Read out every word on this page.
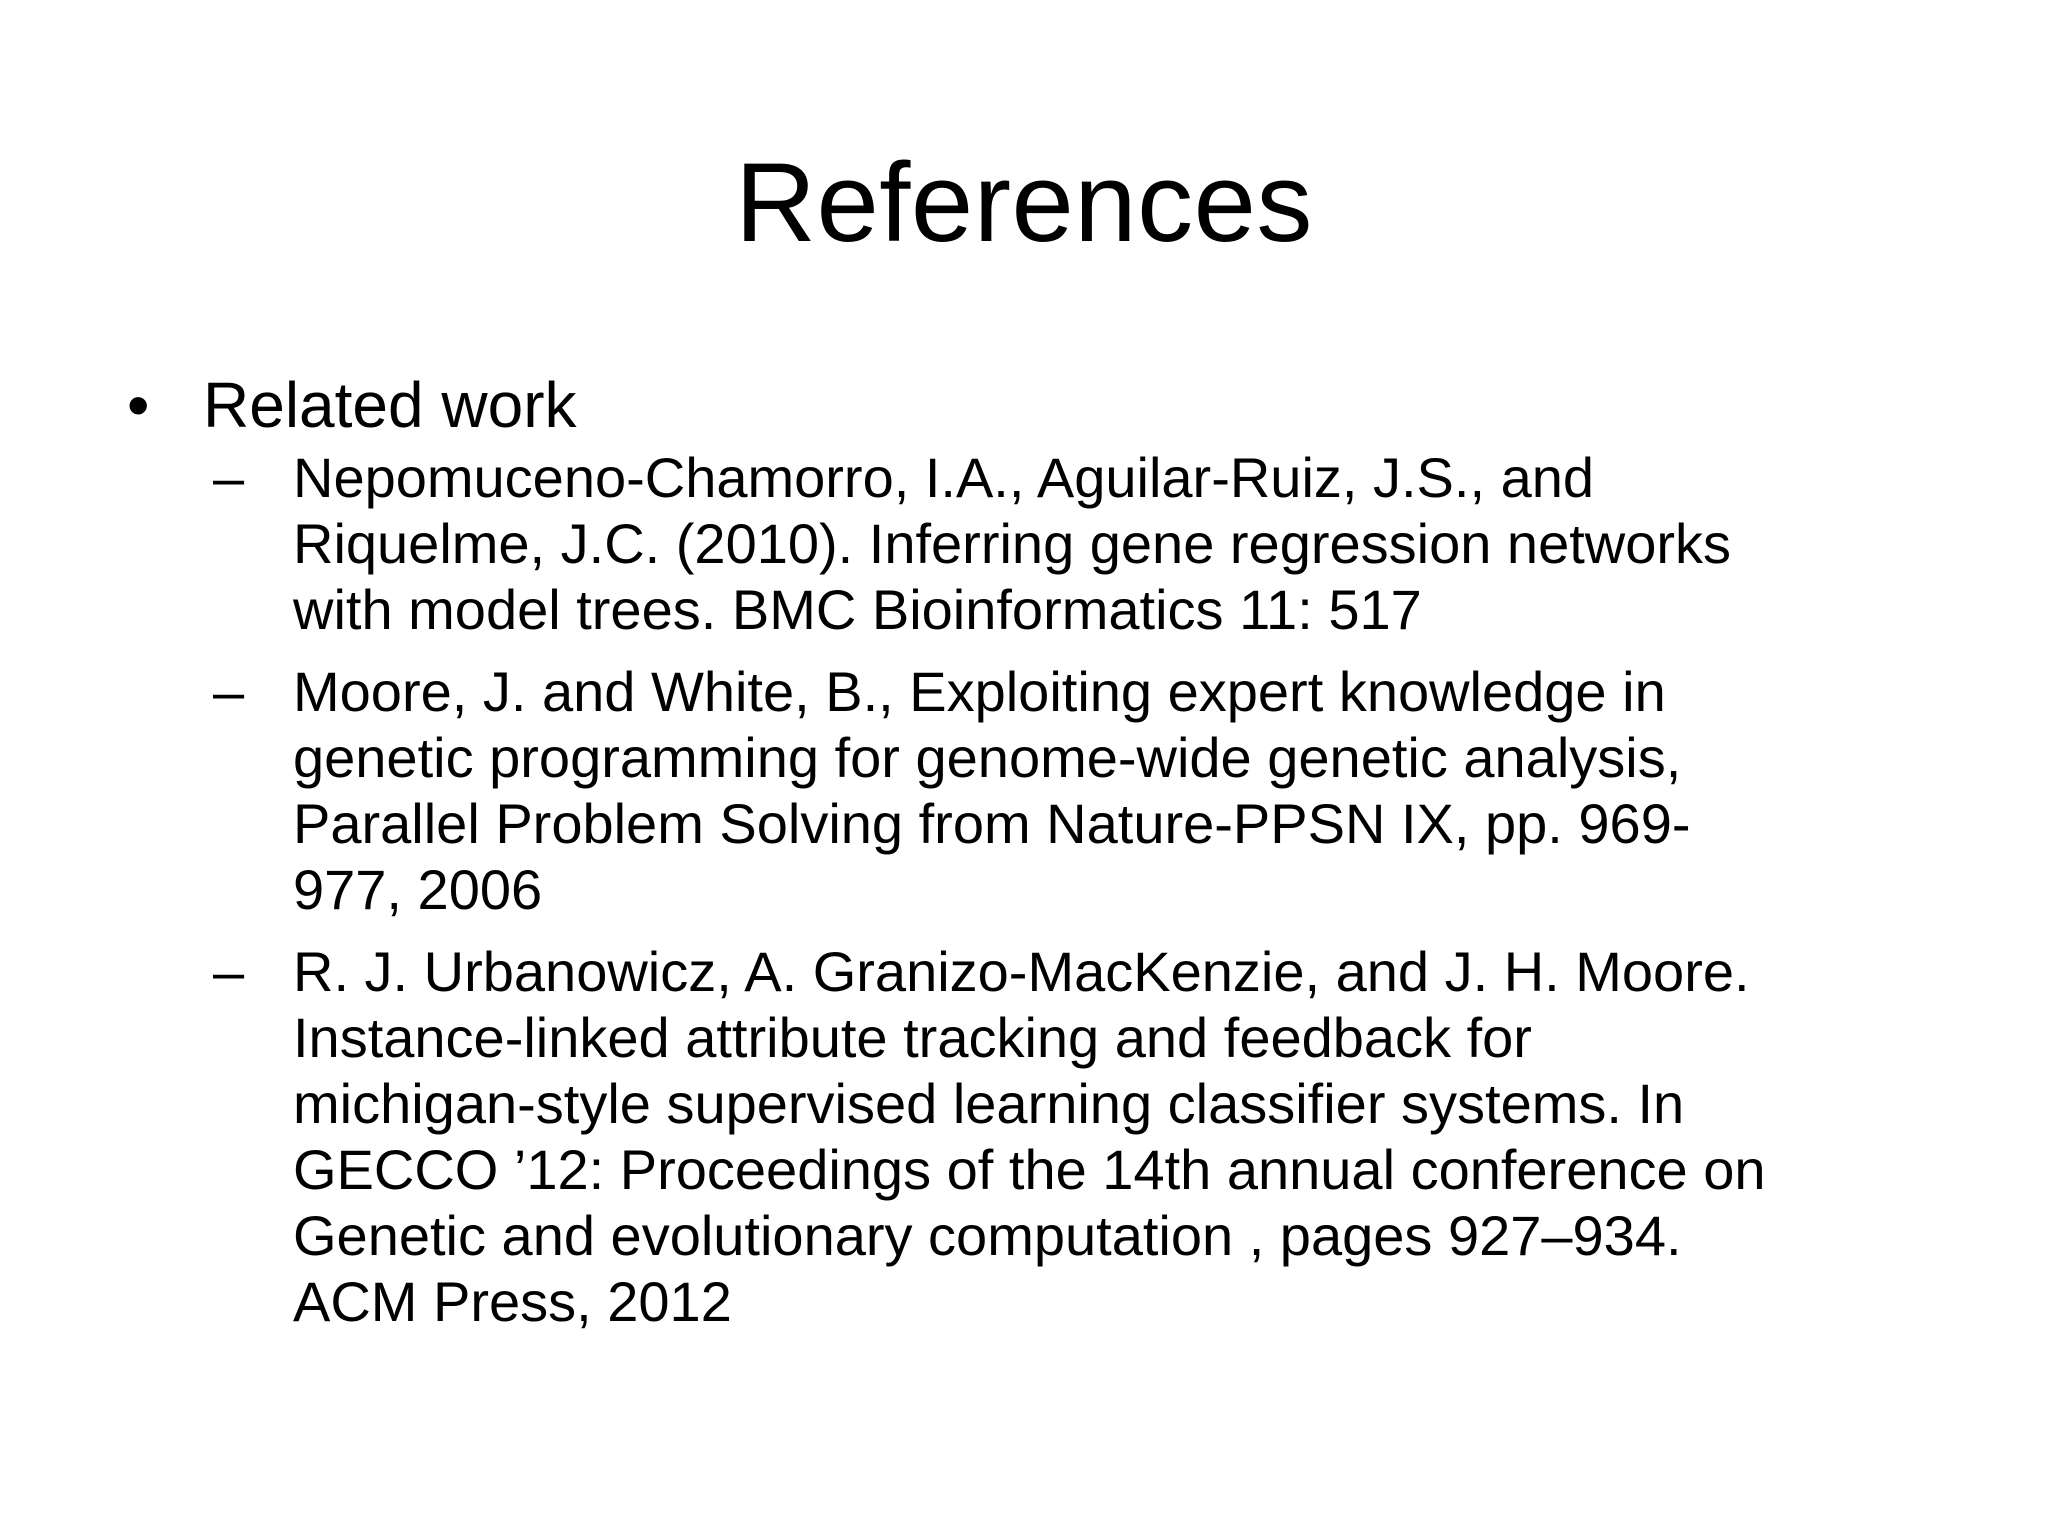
References
• Related work
– Nepomuceno-Chamorro, I.A., Aguilar-Ruiz, J.S., and
Riquelme, J.C. (2010). Inferring gene regression networks
with model trees. BMC Bioinformatics 11: 517
– Moore, J. and White, B., Exploiting expert knowledge in
genetic programming for genome-wide genetic analysis,
Parallel Problem Solving from Nature-PPSN IX, pp. 969-
977, 2006
– R. J. Urbanowicz, A. Granizo-MacKenzie, and J. H. Moore.
Instance-linked attribute tracking and feedback for
michigan-style supervised learning classifier systems. In
GECCO ’12: Proceedings of the 14th annual conference on
Genetic and evolutionary computation , pages 927–934.
ACM Press, 2012
